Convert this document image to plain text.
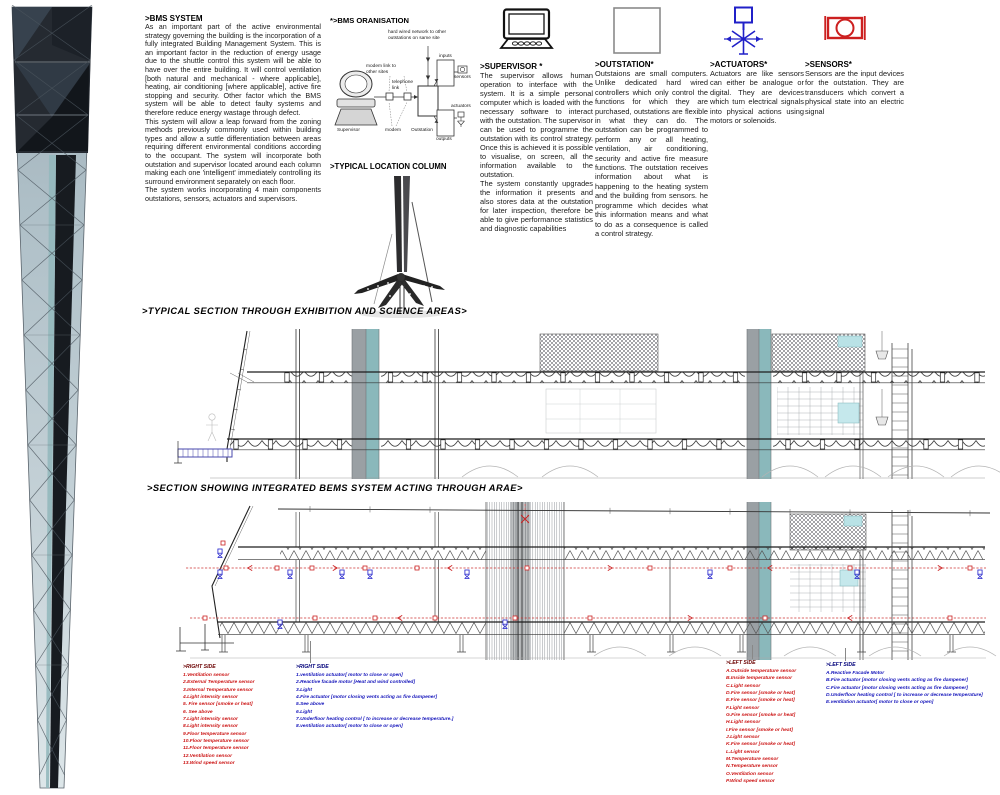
>BMS SYSTEM

As an important part of the active environmental strategy governing the building is the incorporation of a fully integrated Building Management System. This is an important factor in the reduction of energy usage due to the shuttle control this system will be able to have over the entire building. It will control ventilation [both natural and mechanical - where applicable], heating, air conditioning [where applicable], active fire stopping and security. Other factor which the BMS system will be able to detect faulty systems and therefore reduce energy wastage through defect.

This system will allow a leap forward from the zoning methods previously commonly used within building types and allow a suttle differentiation between areas requiring different environmental conditions according to the occupant. The system will incorporate both outstation and supervisor located around each column making each one 'intelligent' immediately controlling its surround environment separately on each floor.

The system works incorporating 4 main components outstations, sensors, actuators and supervisors.

*>BMS ORANISATION
hard wired network to other outstations on same site
modem link to other sites
telephone link
Supervisor	modem Outstation
inputs
sensors
outputs
actuators
>TYPICAL LOCATION COLUMN
>SUPERVISOR *

The supervisor allows human operation to interface with the system. It is a simple personal computer which is loaded with the necessary software to interact with the outstation. The supervisor can be used to programme the outstation with its control strategy. Once this is achieved it is possible to visualise, on screen, all the information available to the outstation.

The system constantly upgrades the information it presents and also stores data at the outstation for later inspection, therefore be able to give performance statistics and diagnostic capabilities

>OUTSTATION*

Outstaions are small computers. Unlike dedicated hard wired controllers which only control the functions for which they are purchased, outstations are flexible in what they can do. The outstation can be programmed to perform any or all heating, ventilation, air conditioning, security and active fire measure functions. The outstation receives information about what is happening to the heating system and the building from sensors. he programme which decides what this information means and what to do as a consequence is called a control strategy.

>ACTUATORS*

Actuators are like sensors can either be analogue or digital. They are devices which turn electrical signals into physical actions using motors or solenoids.

>SENSORS*

Sensors are the input devices for the outstation. They are transducers which convert a physical state into an electric signal

>TYPICAL SECTION THROUGH EXHIBITION AND SCIENCE AREAS>
>SECTION SHOWING INTEGRATED BEMS SYSTEM ACTING THROUGH ARAE>
>RIGHT SIDE
1.Ventilation sensor
2.External Temperature sensor
3.Internal Temperature sensor
4.Light intensity sensor
5. Fire sensor [smoke or heat]
6. See above
7.Light intensity sensor
8.Light intensity sensor
9.Floor temperature sensor
10.Floor temperature sensor
11.Floor temperature sensor
12.Ventilation sensor
13.Wind speed sensor
>RIGHT SIDE
1.ventilation actuator[ motor to close or open]
2.Reactive facade motor [Heat and wind controlled]
3.Light
4.Fire actuator [motor closing vents acting as fire dampener]
5.See above
6.Light
7.Underfloor heating control [ to increase or decrease temperature.]
8.ventilation actuator[ motor to close or open]
>LEFT SIDE
A.Outside temperature sensor
B.Inside temperature sensor
C.Light sensor
D.Fire sensor [smoke or heat]
E.Fire sensor [smoke or heat]
F.Light sensor
G.Fire sensor [smoke or heat]
H.Light sensor
I.Fire sensor [smoke or heat]
J.Light sensor
K.Fire sensor [smoke or heat]
L.Light sensor
M.Temperature sensor
N.Temperature sensor
O.Ventilation sensor
P.Wind speed sensor
>LEFT SIDE
A.Reactive Facade Motor
B.Fire actuator [motor closing vents acting as fire dampener]
C.Fire actuator [motor closing vents acting as fire dampener]
D.Underfloor heating control [ to increase or decrease temperature]
E.ventilation actuator[ motor to close or open]
